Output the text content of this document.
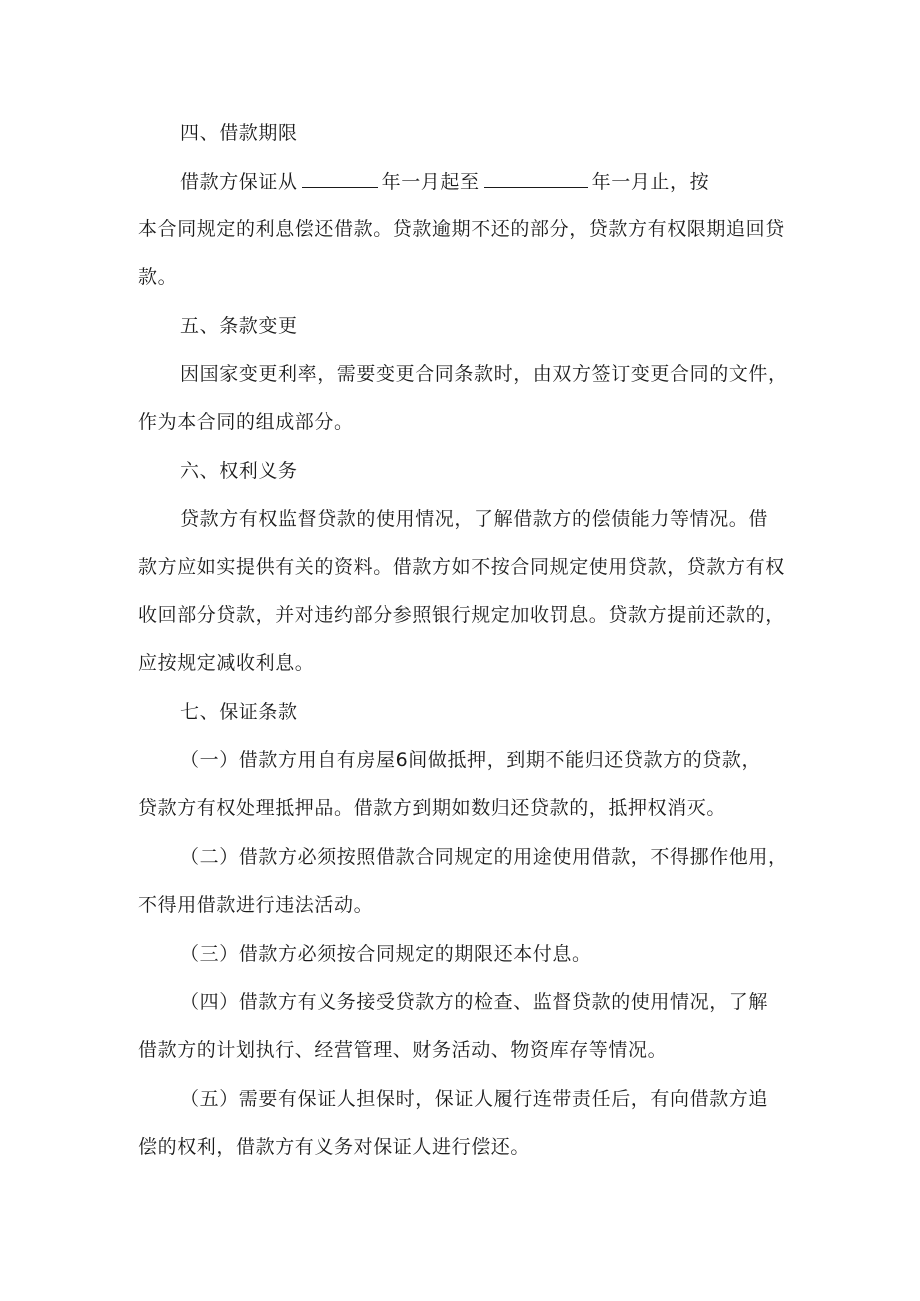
四、借款期限
借款方保证从	年一月起至	年一月止，按
本合同规定的利息偿还借款。贷款逾期不还的部分，贷款方有权限期追回贷
款。
五、条款变更
因国家变更利率，需要变更合同条款时，由双方签订变更合同的文件，
作为本合同的组成部分。
六、权利义务
贷款方有权监督贷款的使用情况，了解借款方的偿债能力等情况。借
款方应如实提供有关的资料。借款方如不按合同规定使用贷款，贷款方有权
收回部分贷款，并对违约部分参照银行规定加收罚息。贷款方提前还款的，
应按规定减收利息。
七、保证条款
（一）借款方用自有房屋6间做抵押，到期不能归还贷款方的贷款，
贷款方有权处理抵押品。借款方到期如数归还贷款的，抵押权消灭。
（二）借款方必须按照借款合同规定的用途使用借款，不得挪作他用，
不得用借款进行违法活动。
（三）借款方必须按合同规定的期限还本付息。
（四）借款方有义务接受贷款方的检查、监督贷款的使用情况，了解
借款方的计划执行、经营管理、财务活动、物资库存等情况。
（五）需要有保证人担保时，保证人履行连带责任后，有向借款方追
偿的权利，借款方有义务对保证人进行偿还。
